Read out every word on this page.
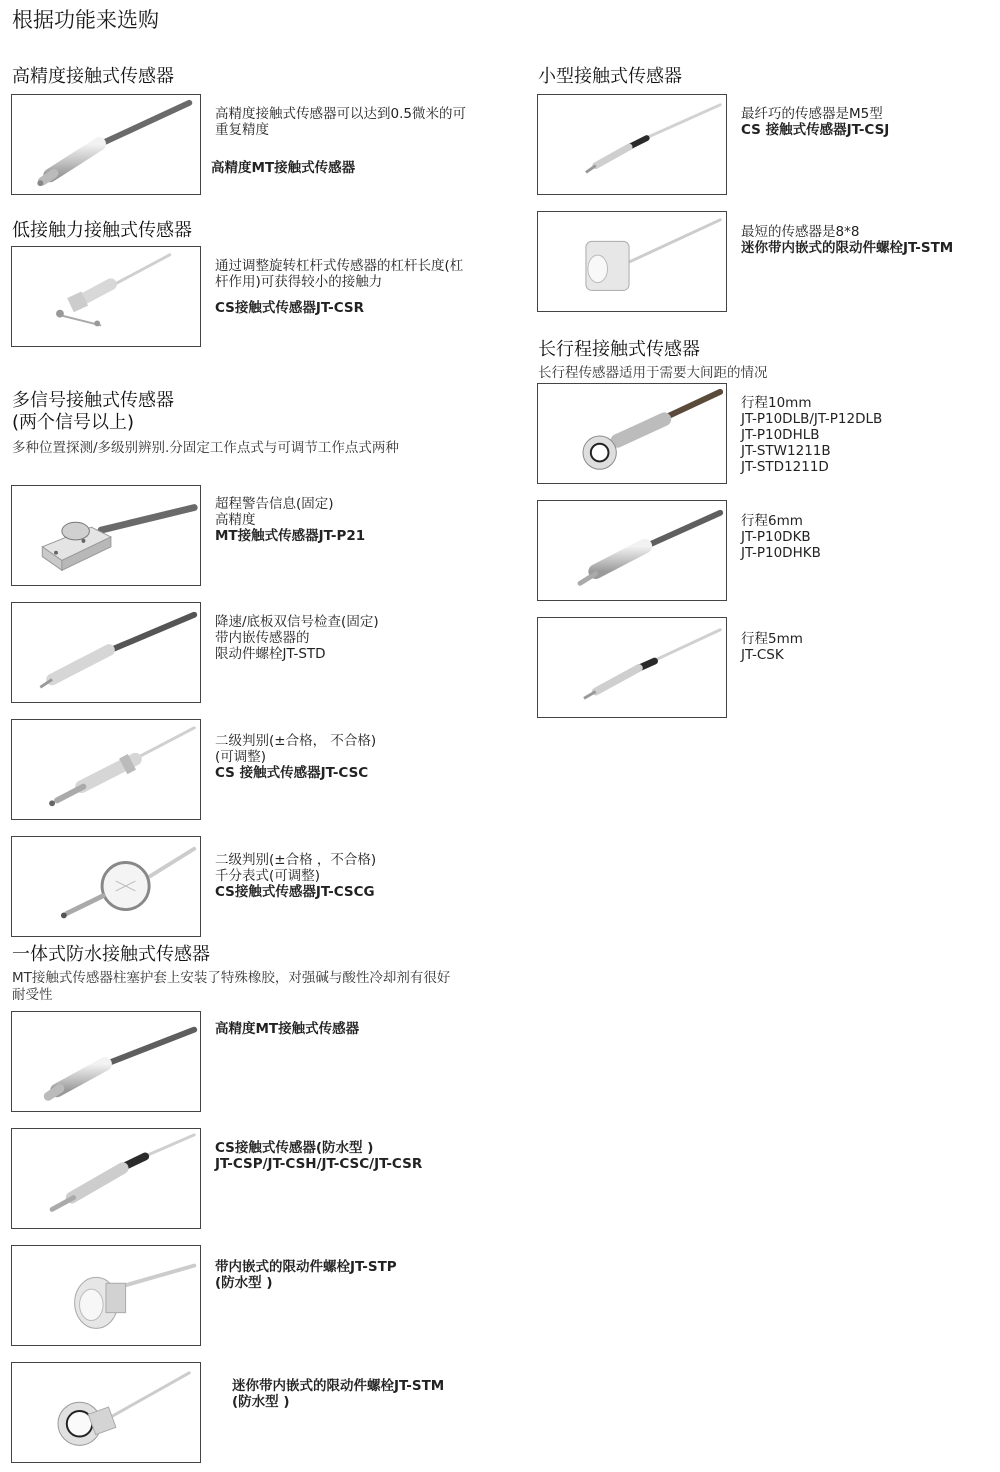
根据功能来选购
高精度接触式传感器
高精度接触式传感器可以达到0.5微米的可
重复精度
高精度MT接触式传感器
低接触力接触式传感器
通过调整旋转杠杆式传感器的杠杆长度(杠
杆作用)可获得较小的接触力
CS接触式传感器JT-CSR
多信号接触式传感器
(两个信号以上)
多种位置探测/多级别辨别.分固定工作点式与可调节工作点式两种
超程警告信息(固定)
高精度
MT接触式传感器JT-P21
降速/底板双信号检查(固定)
带内嵌传感器的
限动件螺栓JT-STD
二级判别(±合格， 不合格)
(可调整)
CS 接触式传感器JT-CSC
二级判别(±合格 ，不合格)
千分表式(可调整)
CS接触式传感器JT-CSCG
一体式防水接触式传感器
MT接触式传感器柱塞护套上安装了特殊橡胶，对强碱与酸性冷却剂有很好
耐受性
高精度MT接触式传感器
CS接触式传感器(防水型 )
JT-CSP/JT-CSH/JT-CSC/JT-CSR
带内嵌式的限动件螺栓JT-STP
(防水型 )
迷你带内嵌式的限动件螺栓JT-STM
(防水型 )
小型接触式传感器
最纤巧的传感器是M5型
CS 接触式传感器JT-CSJ
最短的传感器是8*8
迷你带内嵌式的限动件螺栓JT-STM
长行程接触式传感器
长行程传感器适用于需要大间距的情况
行程10mm
JT-P10DLB/JT-P12DLB
JT-P10DHLB
JT-STW1211B
JT-STD1211D
行程6mm
JT-P10DKB
JT-P10DHKB
行程5mm
JT-CSK
